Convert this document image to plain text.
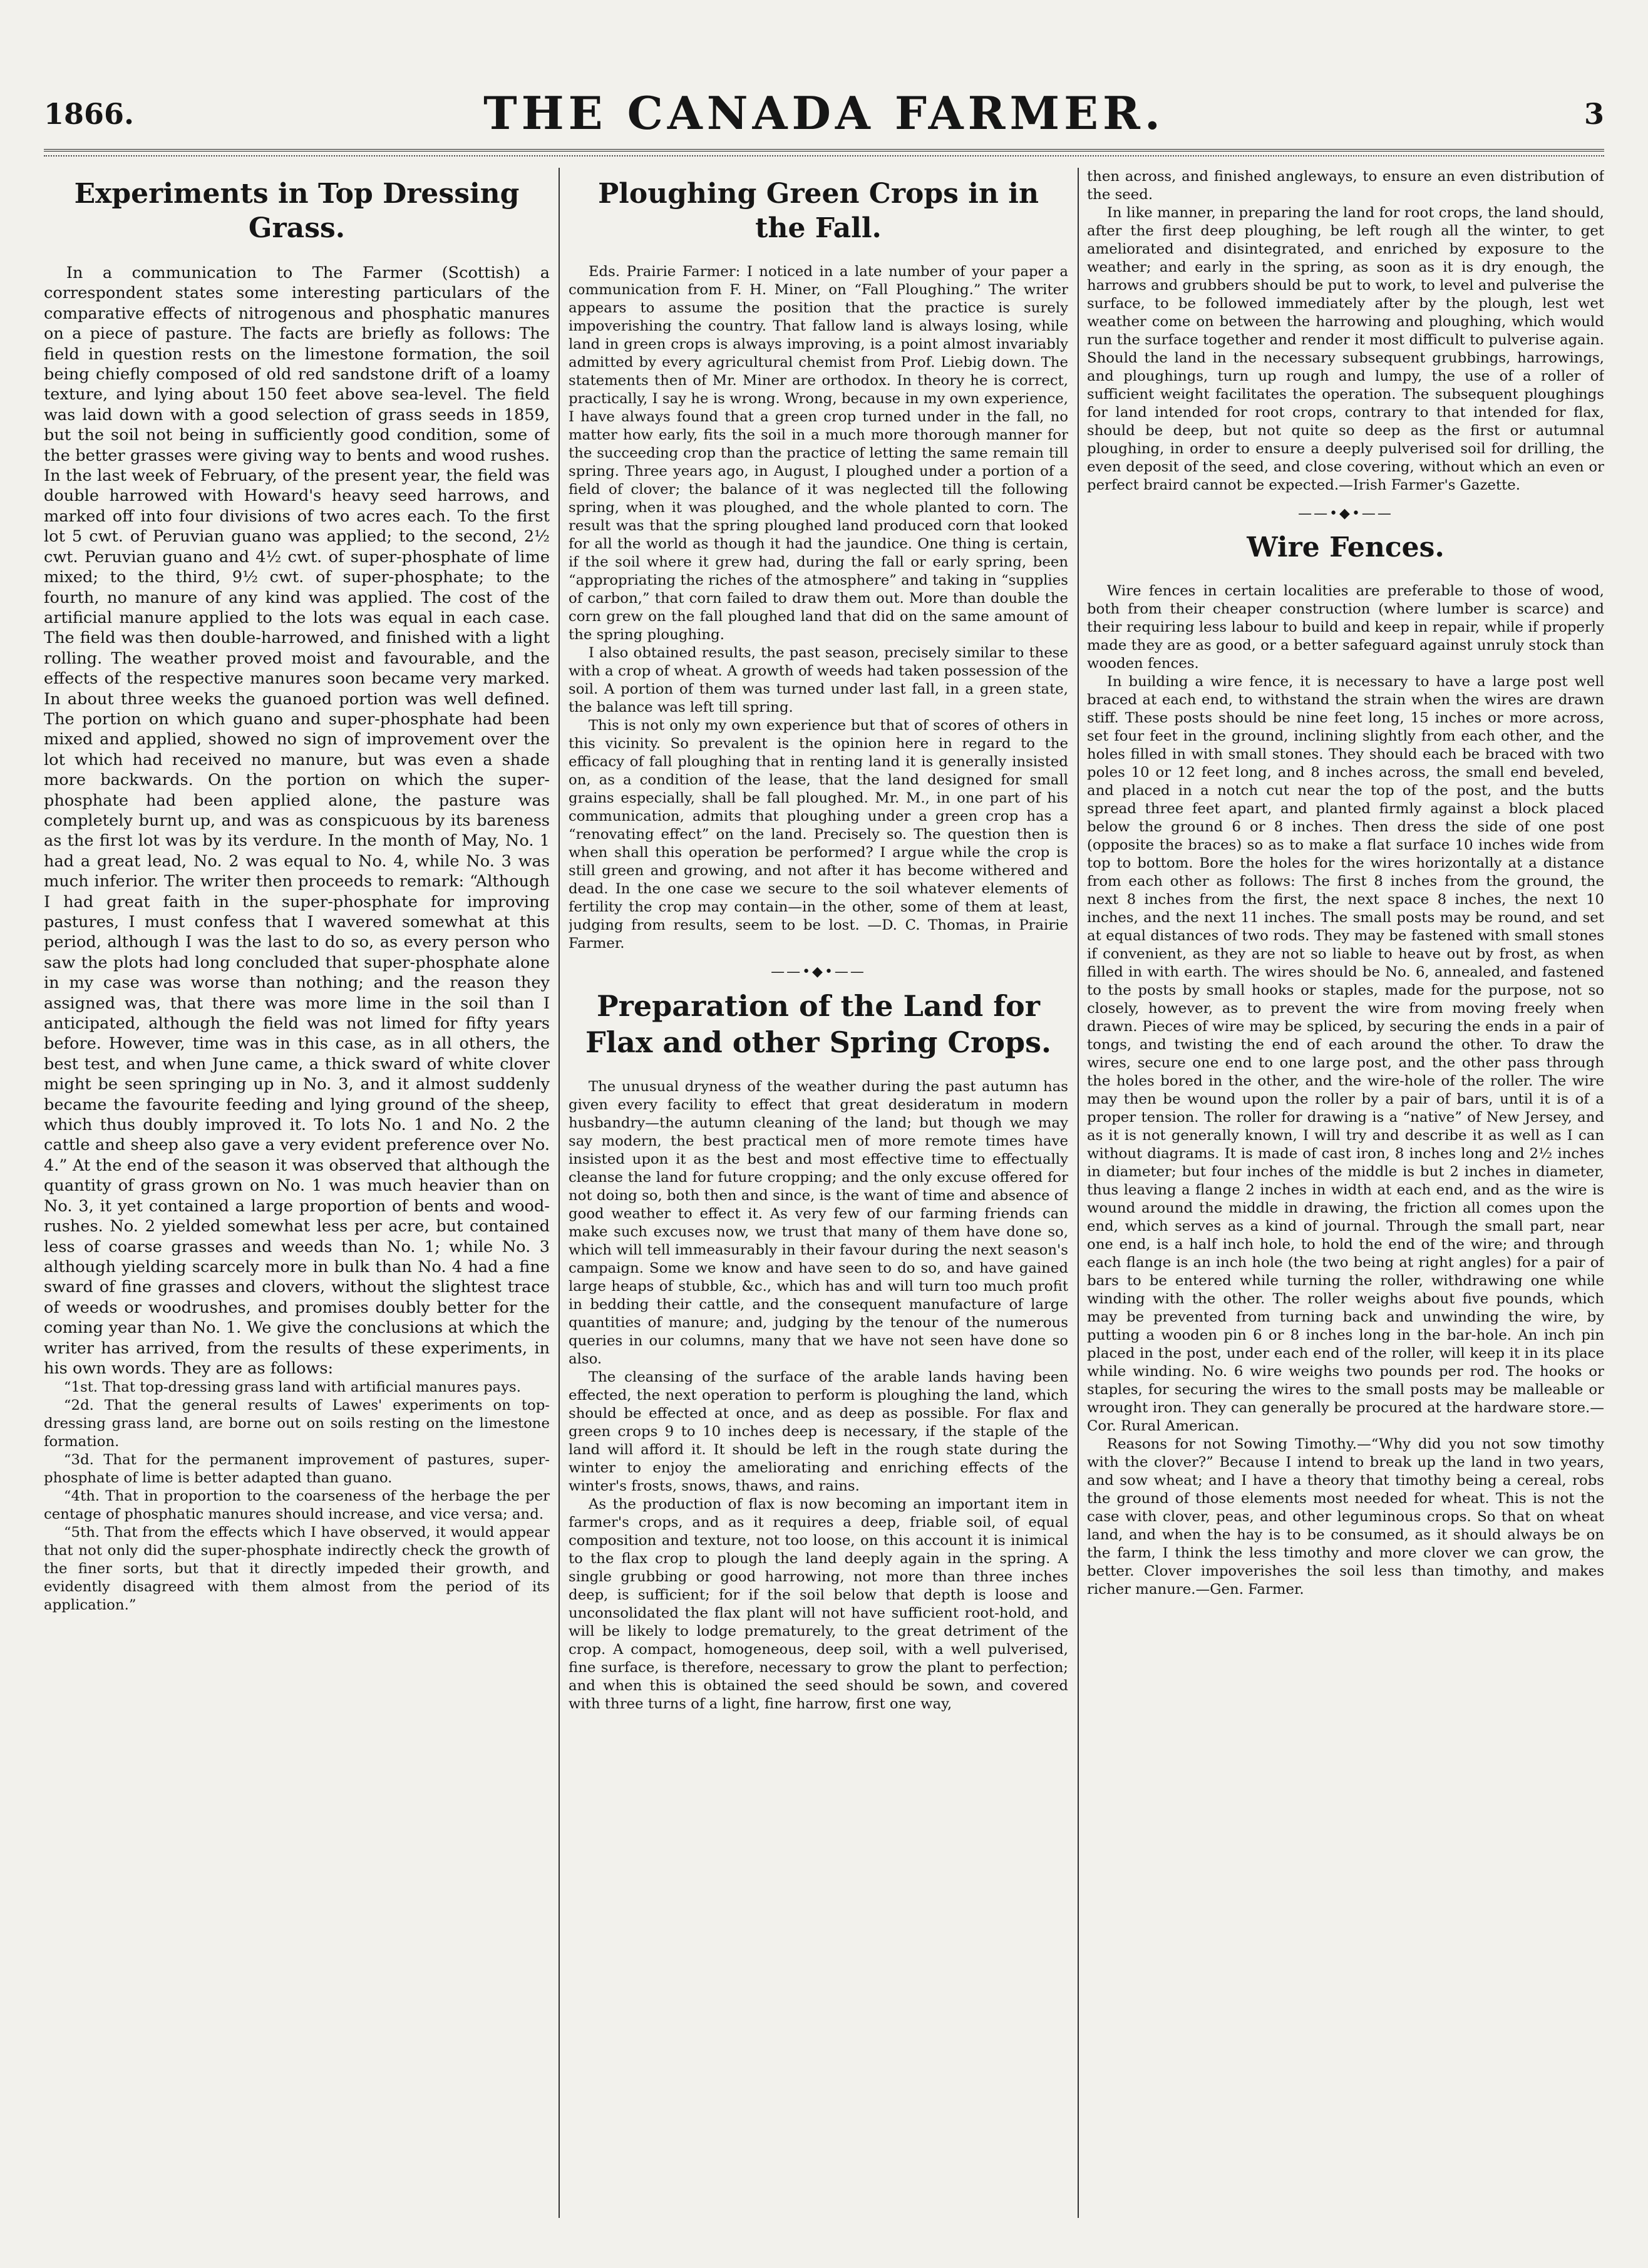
1866.	THE CANADA FARMER.	3
Experiments in Top Dressing Grass.

In a communication to The Farmer (Scottish) a correspondent states some interesting particulars of the comparative effects of nitrogenous and phosphatic manures on a piece of pasture. The facts are briefly as follows: The field in question rests on the limestone formation, the soil being chiefly composed of old red sandstone drift of a loamy texture, and lying about 150 feet above sea-level. The field was laid down with a good selection of grass seeds in 1859, but the soil not being in sufficiently good condition, some of the better grasses were giving way to bents and wood rushes. In the last week of February, of the present year, the field was double harrowed with Howard's heavy seed harrows, and marked off into four divisions of two acres each. To the first lot 5 cwt. of Peruvian guano was applied; to the second, 2½ cwt. Peruvian guano and 4½ cwt. of super-phosphate of lime mixed; to the third, 9½ cwt. of super-phosphate; to the fourth, no manure of any kind was applied. The cost of the artificial manure applied to the lots was equal in each case. The field was then double-harrowed, and finished with a light rolling. The weather proved moist and favourable, and the effects of the respective manures soon became very marked. In about three weeks the guanoed portion was well defined. The portion on which guano and super-phosphate had been mixed and applied, showed no sign of improvement over the lot which had received no manure, but was even a shade more backwards. On the portion on which the super-phosphate had been applied alone, the pasture was completely burnt up, and was as conspicuous by its bareness as the first lot was by its verdure. In the month of May, No. 1 had a great lead, No. 2 was equal to No. 4, while No. 3 was much inferior. The writer then proceeds to remark: “Although I had great faith in the super-phosphate for improving pastures, I must confess that I wavered somewhat at this period, although I was the last to do so, as every person who saw the plots had long concluded that super-phosphate alone in my case was worse than nothing; and the reason they assigned was, that there was more lime in the soil than I anticipated, although the field was not limed for fifty years before. However, time was in this case, as in all others, the best test, and when June came, a thick sward of white clover might be seen springing up in No. 3, and it almost suddenly became the favourite feeding and lying ground of the sheep, which thus doubly improved it. To lots No. 1 and No. 2 the cattle and sheep also gave a very evident preference over No. 4.” At the end of the season it was observed that although the quantity of grass grown on No. 1 was much heavier than on No. 3, it yet contained a large proportion of bents and wood-rushes. No. 2 yielded somewhat less per acre, but contained less of coarse grasses and weeds than No. 1; while No. 3 although yielding scarcely more in bulk than No. 4 had a fine sward of fine grasses and clovers, without the slightest trace of weeds or woodrushes, and promises doubly better for the coming year than No. 1. We give the conclusions at which the writer has arrived, from the results of these experiments, in his own words. They are as follows:

“1st. That top-dressing grass land with artificial manures pays.

“2d. That the general results of Lawes' experiments on top-dressing grass land, are borne out on soils resting on the limestone formation.

“3d. That for the permanent improvement of pastures, super-phosphate of lime is better adapted than guano.

“4th. That in proportion to the coarseness of the herbage the per centage of phosphatic manures should increase, and vice versa; and.

“5th. That from the effects which I have observed, it would appear that not only did the super-phosphate indirectly check the growth of the finer sorts, but that it directly impeded their growth, and evidently disagreed with them almost from the period of its application.”

Ploughing Green Crops in in the Fall.

Eds. Prairie Farmer: I noticed in a late number of your paper a communication from F. H. Miner, on “Fall Ploughing.” The writer appears to assume the position that the practice is surely impoverishing the country. That fallow land is always losing, while land in green crops is always improving, is a point almost invariably admitted by every agricultural chemist from Prof. Liebig down. The statements then of Mr. Miner are orthodox. In theory he is correct, practically, I say he is wrong. Wrong, because in my own experience, I have always found that a green crop turned under in the fall, no matter how early, fits the soil in a much more thorough manner for the succeeding crop than the practice of letting the same remain till spring. Three years ago, in August, I ploughed under a portion of a field of clover; the balance of it was neglected till the following spring, when it was ploughed, and the whole planted to corn. The result was that the spring ploughed land produced corn that looked for all the world as though it had the jaundice. One thing is certain, if the soil where it grew had, during the fall or early spring, been “appropriating the riches of the atmosphere” and taking in “supplies of carbon,” that corn failed to draw them out. More than double the corn grew on the fall ploughed land that did on the same amount of the spring ploughing.

I also obtained results, the past season, precisely similar to these with a crop of wheat. A growth of weeds had taken possession of the soil. A portion of them was turned under last fall, in a green state, the balance was left till spring.

This is not only my own experience but that of scores of others in this vicinity. So prevalent is the opinion here in regard to the efficacy of fall ploughing that in renting land it is generally insisted on, as a condition of the lease, that the land designed for small grains especially, shall be fall ploughed. Mr. M., in one part of his communication, admits that ploughing under a green crop has a “renovating effect” on the land. Precisely so. The question then is when shall this operation be performed? I argue while the crop is still green and growing, and not after it has become withered and dead. In the one case we secure to the soil whatever elements of fertility the crop may contain—in the other, some of them at least, judging from results, seem to be lost. —D. C. Thomas, in Prairie Farmer.

——•◆•——
Preparation of the Land for Flax and other Spring Crops.

The unusual dryness of the weather during the past autumn has given every facility to effect that great desideratum in modern husbandry—the autumn cleaning of the land; but though we may say modern, the best practical men of more remote times have insisted upon it as the best and most effective time to effectually cleanse the land for future cropping; and the only excuse offered for not doing so, both then and since, is the want of time and absence of good weather to effect it. As very few of our farming friends can make such excuses now, we trust that many of them have done so, which will tell immeasurably in their favour during the next season's campaign. Some we know and have seen to do so, and have gained large heaps of stubble, &c., which has and will turn too much profit in bedding their cattle, and the consequent manufacture of large quantities of manure; and, judging by the tenour of the numerous queries in our columns, many that we have not seen have done so also.

The cleansing of the surface of the arable lands having been effected, the next operation to perform is ploughing the land, which should be effected at once, and as deep as possible. For flax and green crops 9 to 10 inches deep is necessary, if the staple of the land will afford it. It should be left in the rough state during the winter to enjoy the ameliorating and enriching effects of the winter's frosts, snows, thaws, and rains.

As the production of flax is now becoming an important item in farmer's crops, and as it requires a deep, friable soil, of equal composition and texture, not too loose, on this account it is inimical to the flax crop to plough the land deeply again in the spring. A single grubbing or good harrowing, not more than three inches deep, is sufficient; for if the soil below that depth is loose and unconsolidated the flax plant will not have sufficient root-hold, and will be likely to lodge prematurely, to the great detriment of the crop. A compact, homogeneous, deep soil, with a well pulverised, fine surface, is therefore, necessary to grow the plant to perfection; and when this is obtained the seed should be sown, and covered with three turns of a light, fine harrow, first one way,

then across, and finished angleways, to ensure an even distribution of the seed.

In like manner, in preparing the land for root crops, the land should, after the first deep ploughing, be left rough all the winter, to get ameliorated and disintegrated, and enriched by exposure to the weather; and early in the spring, as soon as it is dry enough, the harrows and grubbers should be put to work, to level and pulverise the surface, to be followed immediately after by the plough, lest wet weather come on between the harrowing and ploughing, which would run the surface together and render it most difficult to pulverise again. Should the land in the necessary subsequent grubbings, harrowings, and ploughings, turn up rough and lumpy, the use of a roller of sufficient weight facilitates the operation. The subsequent ploughings for land intended for root crops, contrary to that intended for flax, should be deep, but not quite so deep as the first or autumnal ploughing, in order to ensure a deeply pulverised soil for drilling, the even deposit of the seed, and close covering, without which an even or perfect braird cannot be expected.—Irish Farmer's Gazette.

——•◆•——
Wire Fences.

Wire fences in certain localities are preferable to those of wood, both from their cheaper construction (where lumber is scarce) and their requiring less labour to build and keep in repair, while if properly made they are as good, or a better safeguard against unruly stock than wooden fences.

In building a wire fence, it is necessary to have a large post well braced at each end, to withstand the strain when the wires are drawn stiff. These posts should be nine feet long, 15 inches or more across, set four feet in the ground, inclining slightly from each other, and the holes filled in with small stones. They should each be braced with two poles 10 or 12 feet long, and 8 inches across, the small end beveled, and placed in a notch cut near the top of the post, and the butts spread three feet apart, and planted firmly against a block placed below the ground 6 or 8 inches. Then dress the side of one post (opposite the braces) so as to make a flat surface 10 inches wide from top to bottom. Bore the holes for the wires horizontally at a distance from each other as follows: The first 8 inches from the ground, the next 8 inches from the first, the next space 8 inches, the next 10 inches, and the next 11 inches. The small posts may be round, and set at equal distances of two rods. They may be fastened with small stones if convenient, as they are not so liable to heave out by frost, as when filled in with earth. The wires should be No. 6, annealed, and fastened to the posts by small hooks or staples, made for the purpose, not so closely, however, as to prevent the wire from moving freely when drawn. Pieces of wire may be spliced, by securing the ends in a pair of tongs, and twisting the end of each around the other. To draw the wires, secure one end to one large post, and the other pass through the holes bored in the other, and the wire-hole of the roller. The wire may then be wound upon the roller by a pair of bars, until it is of a proper tension. The roller for drawing is a “native” of New Jersey, and as it is not generally known, I will try and describe it as well as I can without diagrams. It is made of cast iron, 8 inches long and 2½ inches in diameter; but four inches of the middle is but 2 inches in diameter, thus leaving a flange 2 inches in width at each end, and as the wire is wound around the middle in drawing, the friction all comes upon the end, which serves as a kind of journal. Through the small part, near one end, is a half inch hole, to hold the end of the wire; and through each flange is an inch hole (the two being at right angles) for a pair of bars to be entered while turning the roller, withdrawing one while winding with the other. The roller weighs about five pounds, which may be prevented from turning back and unwinding the wire, by putting a wooden pin 6 or 8 inches long in the bar-hole. An inch pin placed in the post, under each end of the roller, will keep it in its place while winding. No. 6 wire weighs two pounds per rod. The hooks or staples, for securing the wires to the small posts may be malleable or wrought iron. They can generally be procured at the hardware store.—Cor. Rural American.

Reasons for not Sowing Timothy.—“Why did you not sow timothy with the clover?” Because I intend to break up the land in two years, and sow wheat; and I have a theory that timothy being a cereal, robs the ground of those elements most needed for wheat. This is not the case with clover, peas, and other leguminous crops. So that on wheat land, and when the hay is to be consumed, as it should always be on the farm, I think the less timothy and more clover we can grow, the better. Clover impoverishes the soil less than timothy, and makes richer manure.—Gen. Farmer.
